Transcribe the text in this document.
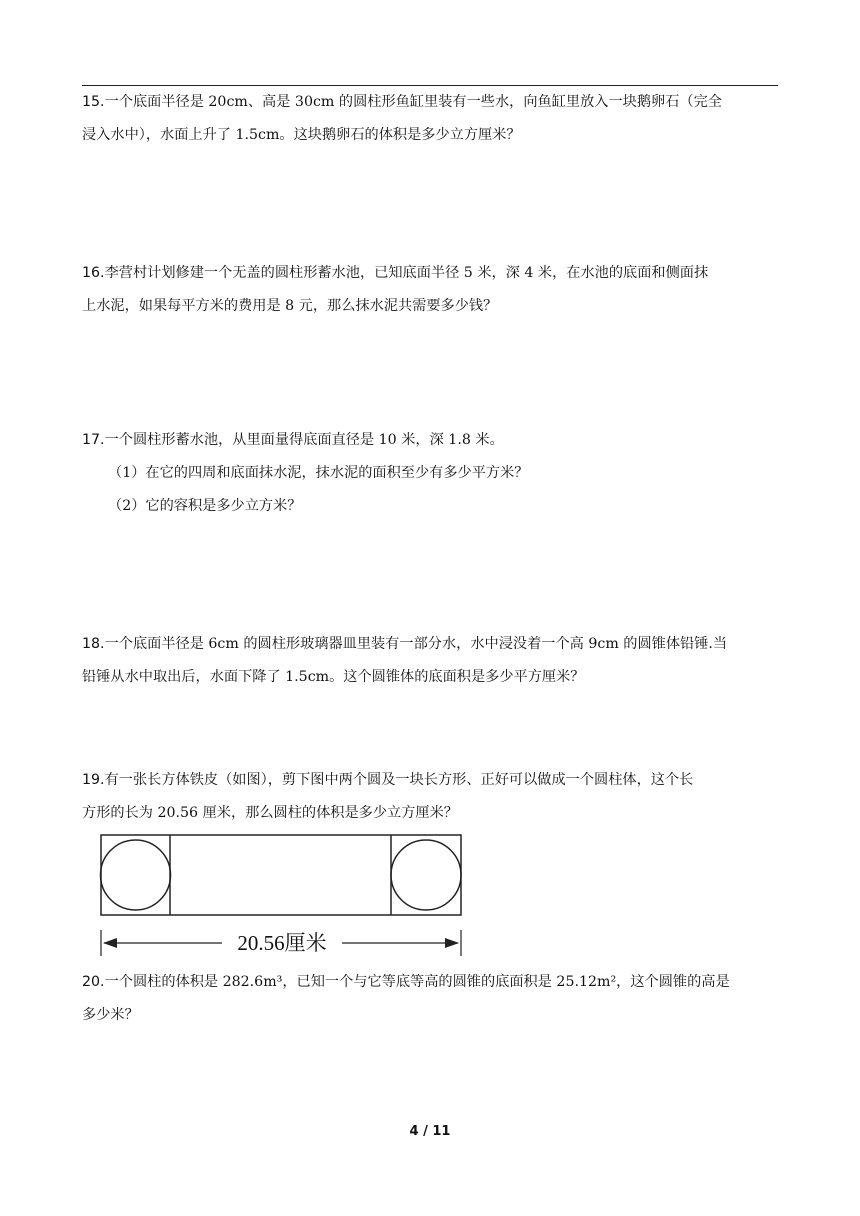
15.一个底面半径是 20cm、高是 30cm 的圆柱形鱼缸里装有一些水，向鱼缸里放入一块鹅卵石（完全

浸入水中），水面上升了 1.5cm。这块鹅卵石的体积是多少立方厘米？

16.李营村计划修建一个无盖的圆柱形蓄水池，已知底面半径 5 米，深 4 米，在水池的底面和侧面抹

上水泥，如果每平方米的费用是 8 元，那么抹水泥共需要多少钱？

17.一个圆柱形蓄水池，从里面量得底面直径是 10 米，深 1.8 米。

（1）在它的四周和底面抹水泥，抹水泥的面积至少有多少平方米？

（2）它的容积是多少立方米？

18.一个底面半径是 6cm 的圆柱形玻璃器皿里装有一部分水，水中浸没着一个高 9cm 的圆锥体铅锤.当

铅锤从水中取出后，水面下降了 1.5cm。这个圆锥体的底面积是多少平方厘米？

19.有一张长方体铁皮（如图），剪下图中两个圆及一块长方形、正好可以做成一个圆柱体，这个长

方形的长为 20.56 厘米，那么圆柱的体积是多少立方厘米？

20.56厘米

20.一个圆柱的体积是 282.6m³，已知一个与它等底等高的圆锥的底面积是 25.12m²，这个圆锥的高是

多少米？

4 / 11
